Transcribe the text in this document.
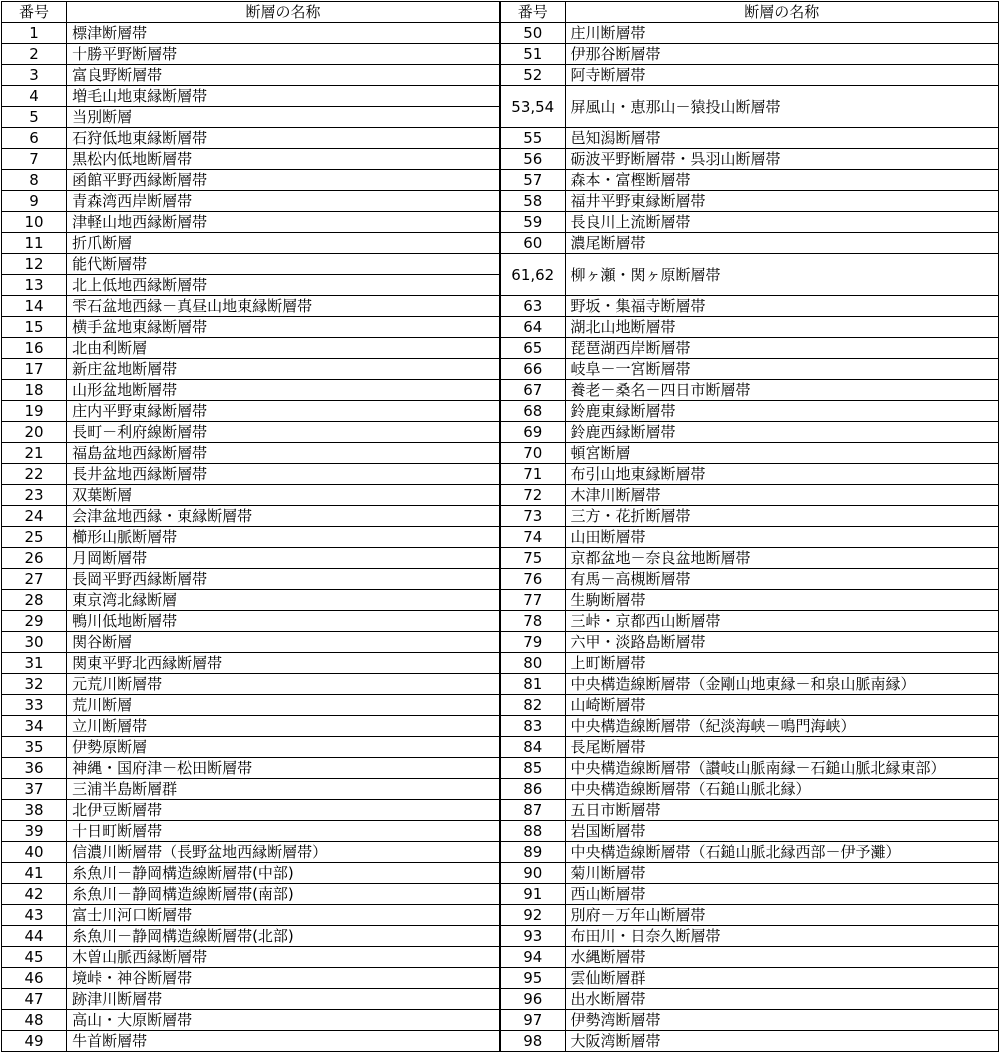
番号	断層の名称	番号	断層の名称
1	標津断層帯	50	庄川断層帯
2	十勝平野断層帯	51	伊那谷断層帯
3	富良野断層帯	52	阿寺断層帯
4	増毛山地東縁断層帯	53,54	屏風山・恵那山－猿投山断層帯
5	当別断層		
6	石狩低地東縁断層帯	55	邑知潟断層帯
7	黒松内低地断層帯	56	砺波平野断層帯・呉羽山断層帯
8	函館平野西縁断層帯	57	森本・富樫断層帯
9	青森湾西岸断層帯	58	福井平野東縁断層帯
10	津軽山地西縁断層帯	59	長良川上流断層帯
11	折爪断層	60	濃尾断層帯
12	能代断層帯	61,62	柳ヶ瀬・関ヶ原断層帯
13	北上低地西縁断層帯		
14	雫石盆地西縁－真昼山地東縁断層帯	63	野坂・集福寺断層帯
15	横手盆地東縁断層帯	64	湖北山地断層帯
16	北由利断層	65	琵琶湖西岸断層帯
17	新庄盆地断層帯	66	岐阜－一宮断層帯
18	山形盆地断層帯	67	養老－桑名－四日市断層帯
19	庄内平野東縁断層帯	68	鈴鹿東縁断層帯
20	長町－利府線断層帯	69	鈴鹿西縁断層帯
21	福島盆地西縁断層帯	70	頓宮断層
22	長井盆地西縁断層帯	71	布引山地東縁断層帯
23	双葉断層	72	木津川断層帯
24	会津盆地西縁・東縁断層帯	73	三方・花折断層帯
25	櫛形山脈断層帯	74	山田断層帯
26	月岡断層帯	75	京都盆地－奈良盆地断層帯
27	長岡平野西縁断層帯	76	有馬－高槻断層帯
28	東京湾北縁断層	77	生駒断層帯
29	鴨川低地断層帯	78	三峠・京都西山断層帯
30	関谷断層	79	六甲・淡路島断層帯
31	関東平野北西縁断層帯	80	上町断層帯
32	元荒川断層帯	81	中央構造線断層帯（金剛山地東縁－和泉山脈南縁）
33	荒川断層	82	山崎断層帯
34	立川断層帯	83	中央構造線断層帯（紀淡海峡－鳴門海峡）
35	伊勢原断層	84	長尾断層帯
36	神縄・国府津－松田断層帯	85	中央構造線断層帯（讃岐山脈南縁－石鎚山脈北縁東部）
37	三浦半島断層群	86	中央構造線断層帯（石鎚山脈北縁）
38	北伊豆断層帯	87	五日市断層帯
39	十日町断層帯	88	岩国断層帯
40	信濃川断層帯（長野盆地西縁断層帯）	89	中央構造線断層帯（石鎚山脈北縁西部－伊予灘）
41	糸魚川－静岡構造線断層帯(中部)	90	菊川断層帯
42	糸魚川－静岡構造線断層帯(南部)	91	西山断層帯
43	富士川河口断層帯	92	別府－万年山断層帯
44	糸魚川－静岡構造線断層帯(北部)	93	布田川・日奈久断層帯
45	木曽山脈西縁断層帯	94	水縄断層帯
46	境峠・神谷断層帯	95	雲仙断層群
47	跡津川断層帯	96	出水断層帯
48	高山・大原断層帯	97	伊勢湾断層帯
49	牛首断層帯	98	大阪湾断層帯
